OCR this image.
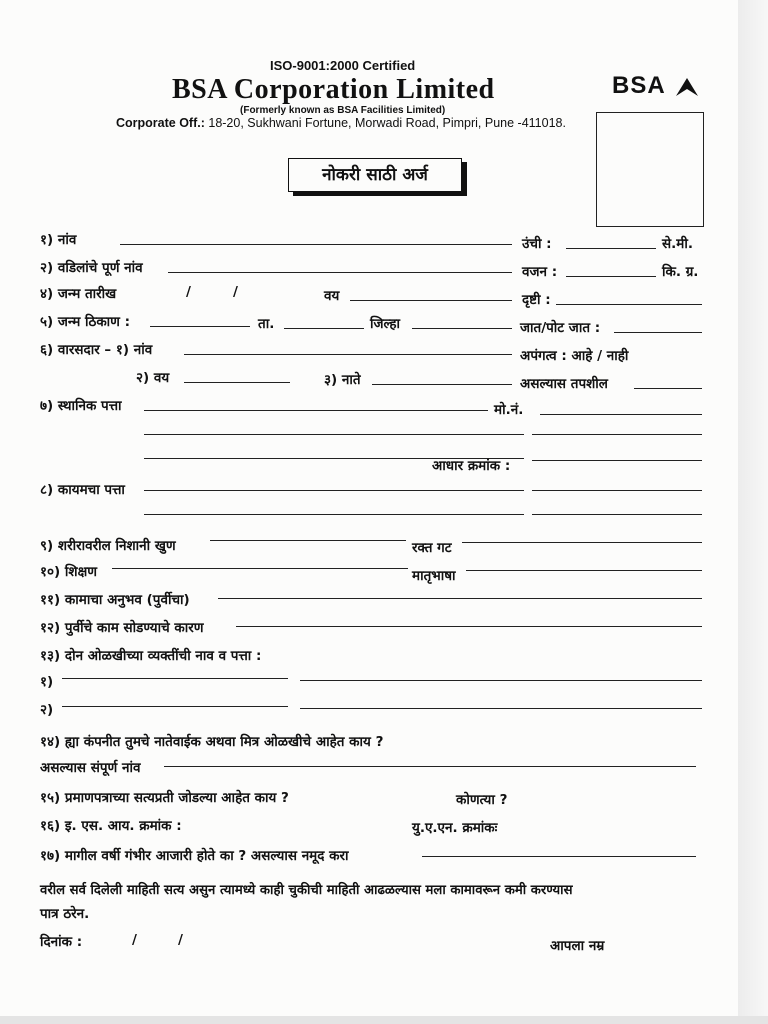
ISO-9001:2000 Certified
BSA Corporation Limited
(Formerly known as BSA Facilities Limited)
Corporate Off.: 18-20, Sukhwani Fortune, Morwadi Road, Pimpri, Pune -411018.
BSA
नोकरी साठी अर्ज
१) नांव	उंची :	से.मी.
२) वडिलांचे पूर्ण नांव	वजन :	कि. ग्र.
४) जन्म तारीख	/	/	वय	दृष्टी :
५) जन्म ठिकाण :	ता.	जिल्हा	जात/पोट जात :
६) वारसदार – १) नांव	अपंगत्व : आहे / नाही
२) वय	३) नाते	असल्यास तपशील
७) स्थानिक पत्ता	मो.नं.
आधार क्रमांक :
८) कायमचा पत्ता
९) शरीरावरील निशानी खुण	रक्त गट
१०) शिक्षण	मातृभाषा
११) कामाचा अनुभव (पुर्वीचा)
१२) पुर्वीचे काम सोडण्याचे कारण
१३) दोन ओळखीच्या व्यक्तींची नाव व पत्ता :
१)
२)
१४) ह्या कंपनीत तुमचे नातेवाईक अथवा मित्र ओळखीचे आहेत काय ?
असल्यास संपूर्ण नांव
१५) प्रमाणपत्राच्या सत्यप्रती जोडल्या आहेत काय ?	कोणत्या ?
१६) इ. एस. आय. क्रमांक :	यु.ए.एन. क्रमांकः
१७) मागील वर्षी गंभीर आजारी होते का ? असल्यास नमूद करा
वरील सर्व दिलेली माहिती सत्य असुन त्यामध्ये काही चुकीची माहिती आढळल्यास मला कामावरून कमी करण्यास
पात्र ठरेन.
दिनांक :	/	/	आपला नम्र
